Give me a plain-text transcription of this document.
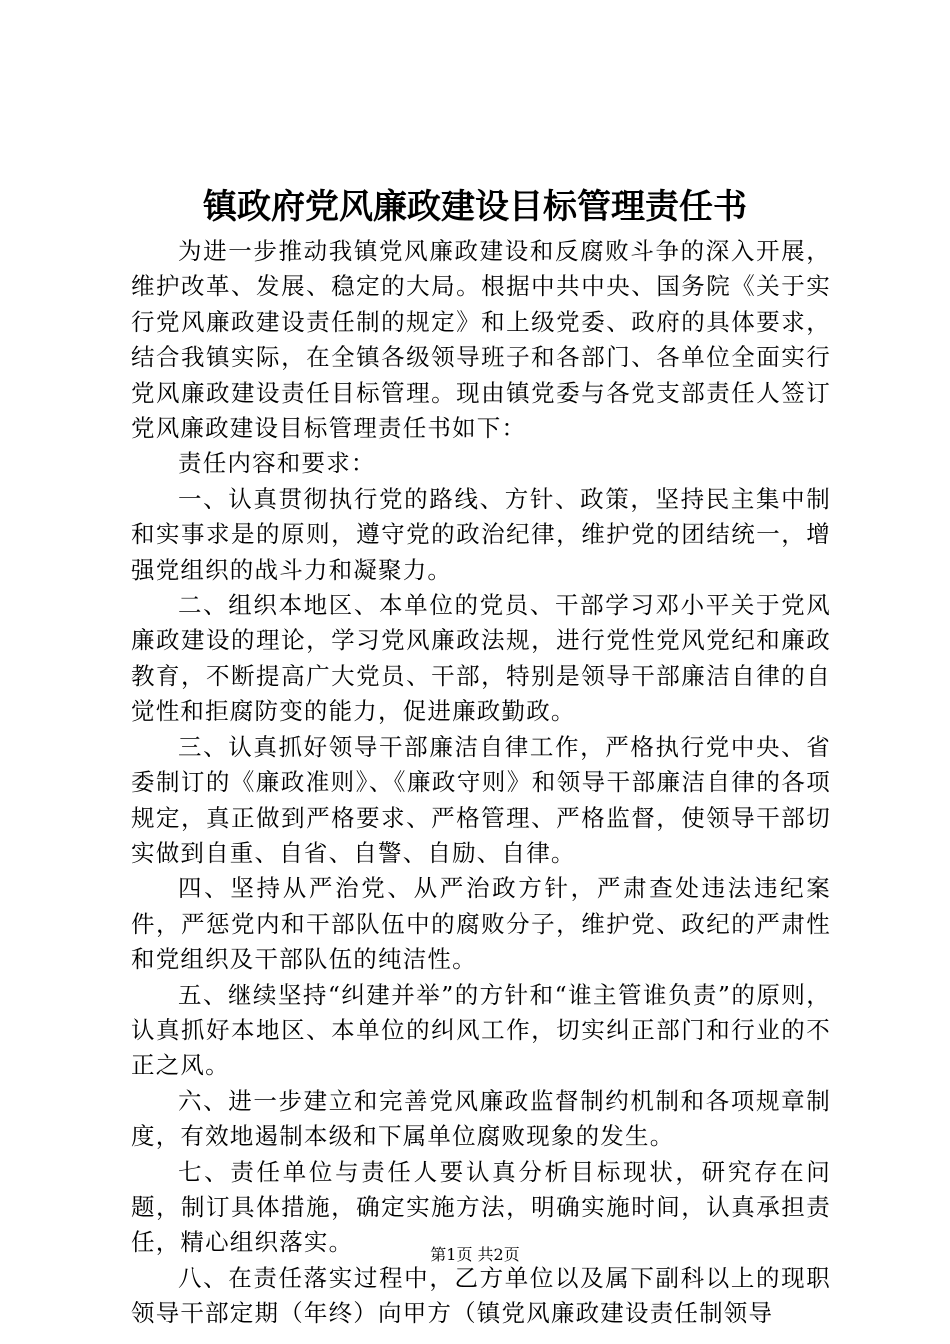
镇政府党风廉政建设目标管理责任书

为进一步推动我镇党风廉政建设和反腐败斗争的深入开展，维护改革、发展、稳定的大局。根据中共中央、国务院《关于实行党风廉政建设责任制的规定》和上级党委、政府的具体要求，结合我镇实际，在全镇各级领导班子和各部门、各单位全面实行党风廉政建设责任目标管理。现由镇党委与各党支部责任人签订党风廉政建设目标管理责任书如下：

责任内容和要求：

一、认真贯彻执行党的路线、方针、政策，坚持民主集中制和实事求是的原则，遵守党的政治纪律，维护党的团结统一，增强党组织的战斗力和凝聚力。

二、组织本地区、本单位的党员、干部学习邓小平关于党风廉政建设的理论，学习党风廉政法规，进行党性党风党纪和廉政教育，不断提高广大党员、干部，特别是领导干部廉洁自律的自觉性和拒腐防变的能力，促进廉政勤政。

三、认真抓好领导干部廉洁自律工作，严格执行党中央、省委制订的《廉政准则》、《廉政守则》和领导干部廉洁自律的各项规定，真正做到严格要求、严格管理、严格监督，使领导干部切实做到自重、自省、自警、自励、自律。

四、坚持从严治党、从严治政方针，严肃查处违法违纪案件，严惩党内和干部队伍中的腐败分子，维护党、政纪的严肃性和党组织及干部队伍的纯洁性。

五、继续坚持“纠建并举”的方针和“谁主管谁负责”的原则，认真抓好本地区、本单位的纠风工作，切实纠正部门和行业的不正之风。

六、进一步建立和完善党风廉政监督制约机制和各项规章制度，有效地遏制本级和下属单位腐败现象的发生。

七、责任单位与责任人要认真分析目标现状，研究存在问题，制订具体措施，确定实施方法，明确实施时间，认真承担责任，精心组织落实。

八、在责任落实过程中，乙方单位以及属下副科以上的现职领导干部定期（年终）向甲方（镇党风廉政建设责任制领导

第1页 共2页
